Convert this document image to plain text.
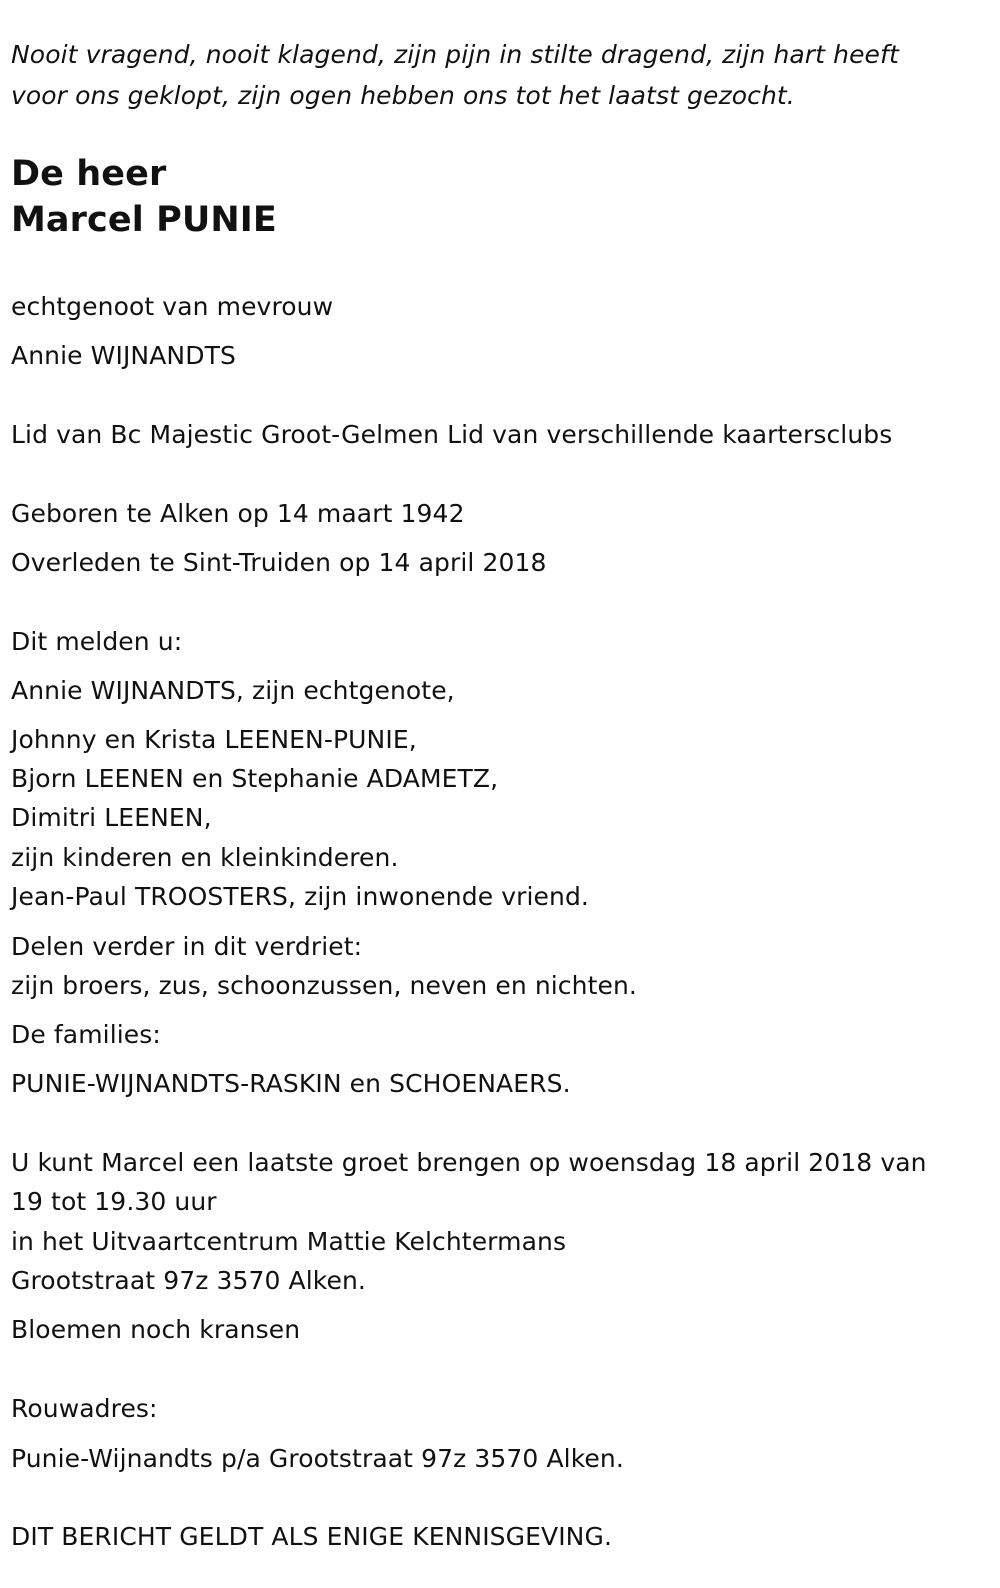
Nooit vragend, nooit klagend, zijn pijn in stilte dragend, zijn hart heeft

voor ons geklopt, zijn ogen hebben ons tot het laatst gezocht.

De heer

Marcel PUNIE

echtgenoot van mevrouw

Annie WIJNANDTS

Lid van Bc Majestic Groot-Gelmen Lid van verschillende kaartersclubs

Geboren te Alken op 14 maart 1942

Overleden te Sint-Truiden op 14 april 2018

Dit melden u:

Annie WIJNANDTS, zijn echtgenote,

Johnny en Krista LEENEN-PUNIE,

Bjorn LEENEN en Stephanie ADAMETZ,

Dimitri LEENEN,

zijn kinderen en kleinkinderen.

Jean-Paul TROOSTERS, zijn inwonende vriend.

Delen verder in dit verdriet:

zijn broers, zus, schoonzussen, neven en nichten.

De families:

PUNIE-WIJNANDTS-RASKIN en SCHOENAERS.

U kunt Marcel een laatste groet brengen op woensdag 18 april 2018 van

19 tot 19.30 uur

in het Uitvaartcentrum Mattie Kelchtermans

Grootstraat 97z 3570 Alken.

Bloemen noch kransen

Rouwadres:

Punie-Wijnandts p/a Grootstraat 97z 3570 Alken.

DIT BERICHT GELDT ALS ENIGE KENNISGEVING.
